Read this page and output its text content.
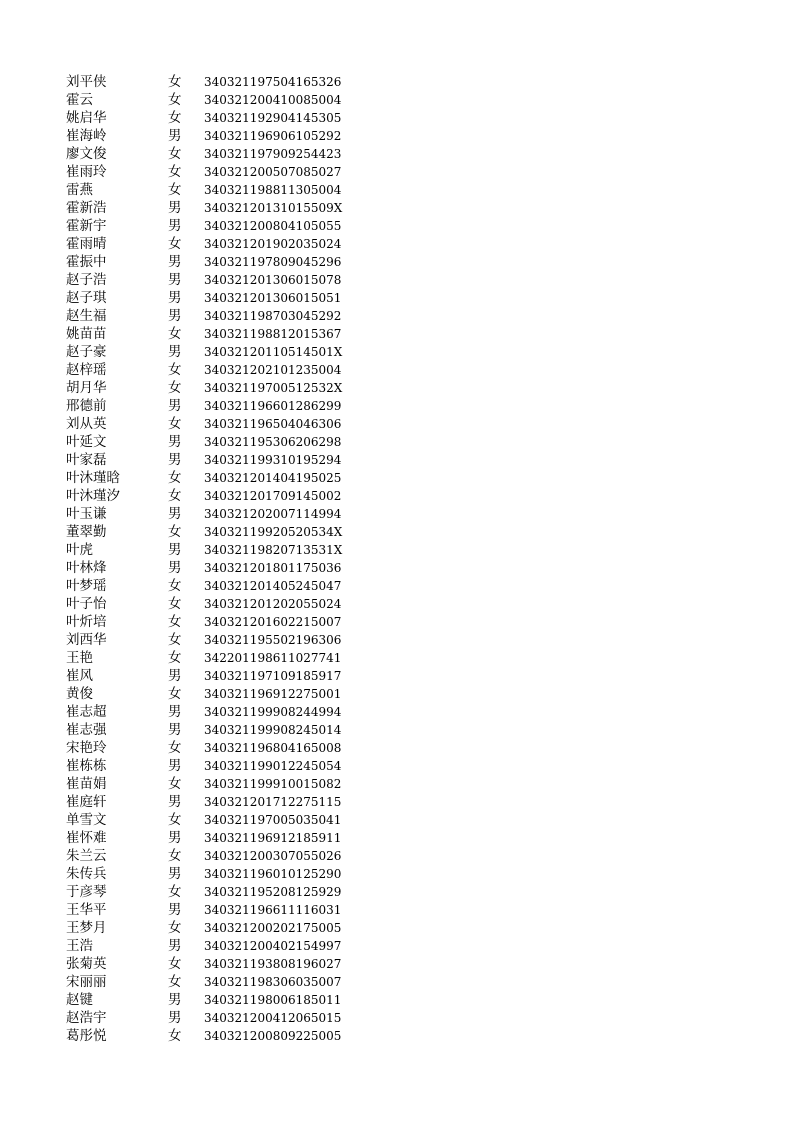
刘平侠	女 340321197504165326
霍云	女 340321200410085004
姚启华	女 340321192904145305
崔海岭	男 340321196906105292
廖文俊	女 340321197909254423
崔雨玲	女 340321200507085027
雷燕	女 340321198811305004
霍新浩	男 34032120131015509X
霍新宇	男 340321200804105055
霍雨晴	女 340321201902035024
霍振中	男 340321197809045296
赵子浩	男 340321201306015078
赵子琪	男 340321201306015051
赵生福	男 340321198703045292
姚苗苗	女 340321198812015367
赵子豪	男 34032120110514501X
赵梓瑶	女 340321202101235004
胡月华	女 34032119700512532X
邢德前	男 340321196601286299
刘从英	女 340321196504046306
叶延文	男 340321195306206298
叶家磊	男 340321199310195294
叶沐瑾晗	女 340321201404195025
叶沐瑾汐	女 340321201709145002
叶玉谦	男 340321202007114994
董翠勤	女 34032119920520534X
叶虎	男 34032119820713531X
叶林烽	男 340321201801175036
叶梦瑶	女 340321201405245047
叶子怡	女 340321201202055024
叶炘培	女 340321201602215007
刘西华	女 340321195502196306
王艳	女 342201198611027741
崔风	男 340321197109185917
黄俊	女 340321196912275001
崔志超	男 340321199908244994
崔志强	男 340321199908245014
宋艳玲	女 340321196804165008
崔栋栋	男 340321199012245054
崔苗娟	女 340321199910015082
崔庭轩	男 340321201712275115
单雪文	女 340321197005035041
崔怀难	男 340321196912185911
朱兰云	女 340321200307055026
朱传兵	男 340321196010125290
于彦琴	女 340321195208125929
王华平	男 340321196611116031
王梦月	女 340321200202175005
王浩	男 340321200402154997
张菊英	女 340321193808196027
宋丽丽	女 340321198306035007
赵键	男 340321198006185011
赵浩宇	男 340321200412065015
葛彤悦	女 340321200809225005
